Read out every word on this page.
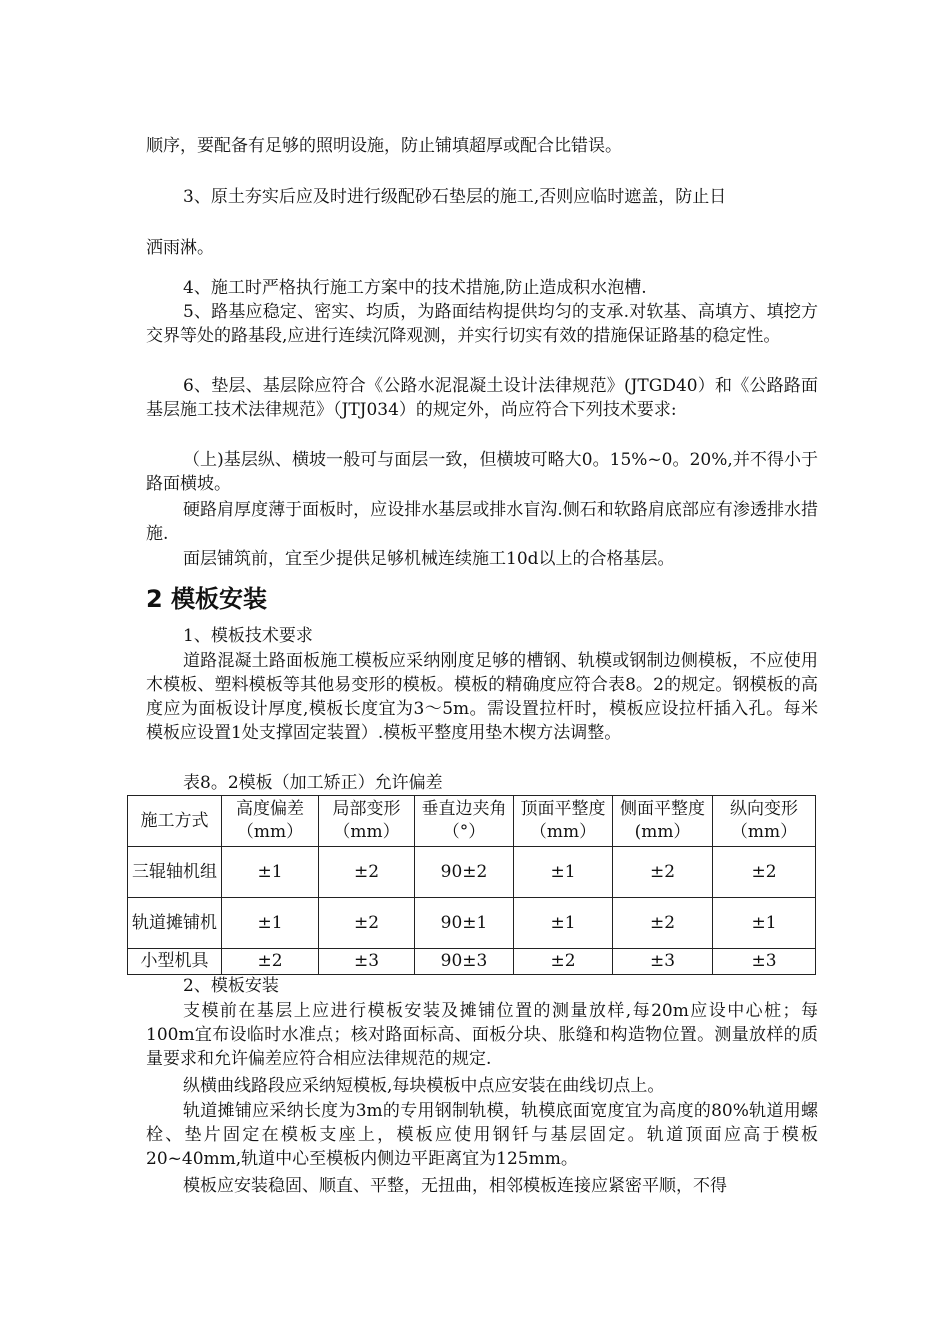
顺序，要配备有足够的照明设施，防止铺填超厚或配合比错误。

3、原土夯实后应及时进行级配砂石垫层的施工,否则应临时遮盖，防止日

洒雨淋。

4、施工时严格执行施工方案中的技术措施,防止造成积水泡槽.

5、路基应稳定、密实、均质，为路面结构提供均匀的支承.对软基、高填方、填挖方交界等处的路基段,应进行连续沉降观测，并实行切实有效的措施保证路基的稳定性。

6、垫层、基层除应符合《公路水泥混凝土设计法律规范》(JTGD40）和《公路路面基层施工技术法律规范》（JTJ034）的规定外，尚应符合下列技术要求:

（上)基层纵、横坡一般可与面层一致，但横坡可略大0。15%~0。20%,并不得小于路面横坡。

硬路肩厚度薄于面板时，应设排水基层或排水盲沟.侧石和软路肩底部应有渗透排水措施.

面层铺筑前，宜至少提供足够机械连续施工10d以上的合格基层。

2 模板安装

1、模板技术要求

道路混凝土路面板施工模板应采纳刚度足够的槽钢、轨模或钢制边侧模板，不应使用木模板、塑料模板等其他易变形的模板。模板的精确度应符合表8。2的规定。钢模板的高度应为面板设计厚度,模板长度宜为3～5m。需设置拉杆时，模板应设拉杆插入孔。每米模板应设置1处支撑固定装置）.模板平整度用垫木楔方法调整。

表8。2模板（加工矫正）允许偏差
施工方式	高度偏差（mm）	局部变形（mm）	垂直边夹角（°）	顶面平整度（mm）	侧面平整度(mm）	纵向变形（mm）
三辊轴机组	±1	±2	90±2	±1	±2	±2
轨道摊铺机	±1	±2	90±1	±1	±2	±1
小型机具	±2	±3	90±3	±2	±3	±3

2、模板安装

支模前在基层上应进行模板安装及摊铺位置的测量放样,每20m应设中心桩；每100m宜布设临时水准点；核对路面标高、面板分块、胀缝和构造物位置。测量放样的质量要求和允许偏差应符合相应法律规范的规定.

纵横曲线路段应采纳短模板,每块模板中点应安装在曲线切点上。

轨道摊铺应采纳长度为3m的专用钢制轨模，轨模底面宽度宜为高度的80%轨道用螺栓、垫片固定在模板支座上，模板应使用钢钎与基层固定。轨道顶面应高于模板20~40mm,轨道中心至模板内侧边平距离宜为125mm。

模板应安装稳固、顺直、平整，无扭曲，相邻模板连接应紧密平顺，不得
